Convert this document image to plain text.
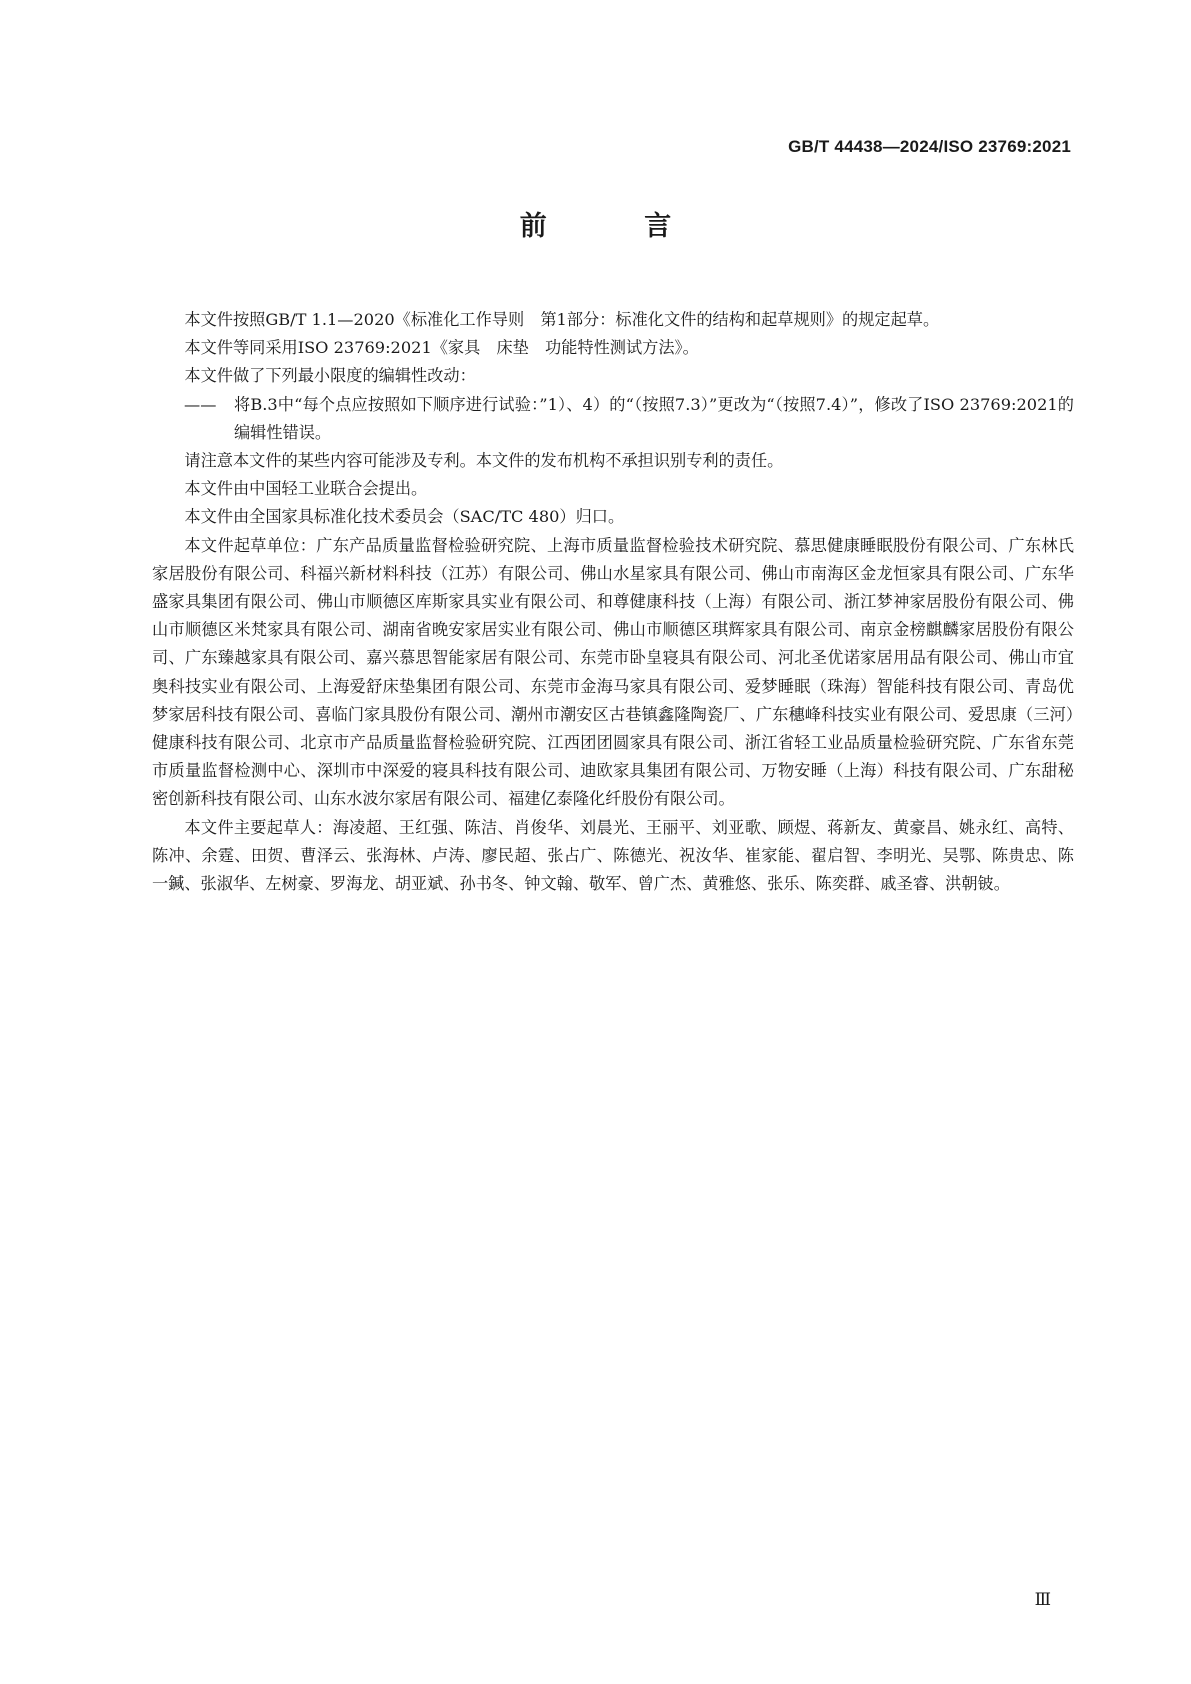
GB/T 44438—2024/ISO 23769:2021
前 言

本文件按照GB/T 1.1—2020《标准化工作导则　第1部分：标准化文件的结构和起草规则》的规定起草。

本文件等同采用ISO 23769:2021《家具　床垫　功能特性测试方法》。

本文件做了下列最小限度的编辑性改动：

—— 将B.3中“每个点应按照如下顺序进行试验：”1）、4）的“（按照7.3）”更改为“（按照7.4）”，修改了ISO 23769:2021的编辑性错误。

请注意本文件的某些内容可能涉及专利。本文件的发布机构不承担识别专利的责任。

本文件由中国轻工业联合会提出。

本文件由全国家具标准化技术委员会（SAC/TC 480）归口。

本文件起草单位：广东产品质量监督检验研究院、上海市质量监督检验技术研究院、慕思健康睡眠股份有限公司、广东林氏家居股份有限公司、科福兴新材料科技（江苏）有限公司、佛山水星家具有限公司、佛山市南海区金龙恒家具有限公司、广东华盛家具集团有限公司、佛山市顺德区库斯家具实业有限公司、和尊健康科技（上海）有限公司、浙江梦神家居股份有限公司、佛山市顺德区米梵家具有限公司、湖南省晚安家居实业有限公司、佛山市顺德区琪辉家具有限公司、南京金榜麒麟家居股份有限公司、广东臻越家具有限公司、嘉兴慕思智能家居有限公司、东莞市卧皇寝具有限公司、河北圣优诺家居用品有限公司、佛山市宜奥科技实业有限公司、上海爱舒床垫集团有限公司、东莞市金海马家具有限公司、爱梦睡眠（珠海）智能科技有限公司、青岛优梦家居科技有限公司、喜临门家具股份有限公司、潮州市潮安区古巷镇鑫隆陶瓷厂、广东穗峰科技实业有限公司、爱思康（三河）健康科技有限公司、北京市产品质量监督检验研究院、江西团团圆家具有限公司、浙江省轻工业品质量检验研究院、广东省东莞市质量监督检测中心、深圳市中深爱的寝具科技有限公司、迪欧家具集团有限公司、万物安睡（上海）科技有限公司、广东甜秘密创新科技有限公司、山东水波尔家居有限公司、福建亿泰隆化纤股份有限公司。

本文件主要起草人：海凌超、王红强、陈洁、肖俊华、刘晨光、王丽平、刘亚歌、顾煜、蒋新友、黄豪昌、姚永红、高特、陈冲、余霆、田贺、曹泽云、张海林、卢涛、廖民超、张占广、陈德光、祝汝华、崔家能、翟启智、李明光、吴鄂、陈贵忠、陈一鍼、张淑华、左树豪、罗海龙、胡亚斌、孙书冬、钟文翰、敬军、曾广杰、黄雅悠、张乐、陈奕群、戚圣睿、洪朝铍。

Ⅲ
